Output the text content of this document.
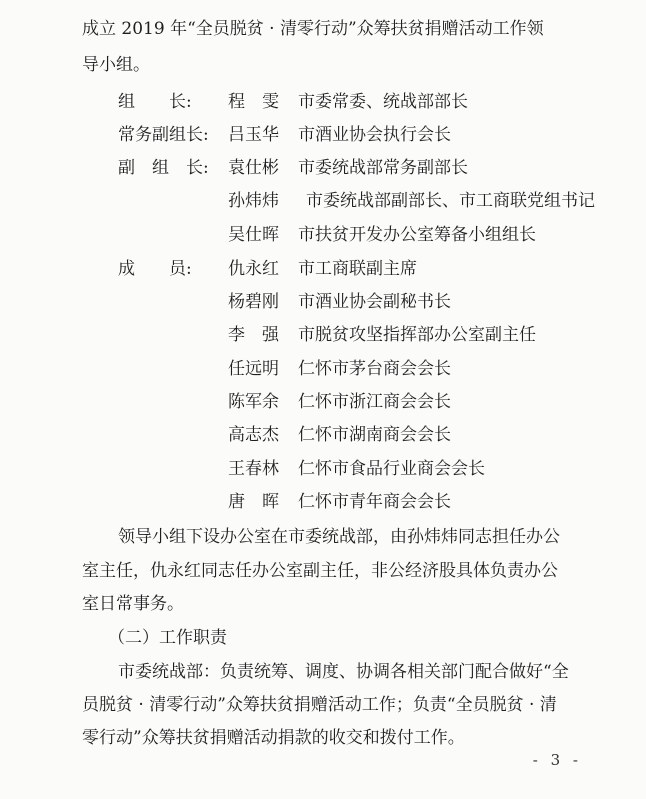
成立 2019 年“全员脱贫 · 清零行动”众筹扶贫捐赠活动工作领
导小组。
组　　长: 程　雯 市委常委、统战部部长
常务副组长: 吕玉华 市酒业协会执行会长
副　组　长: 袁仕彬 市委统战部常务副部长
孙炜炜 市委统战部副部长、市工商联党组书记
吴仕晖 市扶贫开发办公室筹备小组组长
成　　员: 仇永红 市工商联副主席
杨碧刚 市酒业协会副秘书长
李　强 市脱贫攻坚指挥部办公室副主任
任远明 仁怀市茅台商会会长
陈军余 仁怀市浙江商会会长
高志杰 仁怀市湖南商会会长
王春林 仁怀市食品行业商会会长
唐　晖 仁怀市青年商会会长
领导小组下设办公室在市委统战部，由孙炜炜同志担任办公
室主任，仇永红同志任办公室副主任，非公经济股具体负责办公
室日常事务。
（二）工作职责
市委统战部：负责统筹、调度、协调各相关部门配合做好“全
员脱贫 · 清零行动”众筹扶贫捐赠活动工作；负责“全员脱贫 · 清
零行动”众筹扶贫捐赠活动捐款的收交和拨付工作。
- 3 -
